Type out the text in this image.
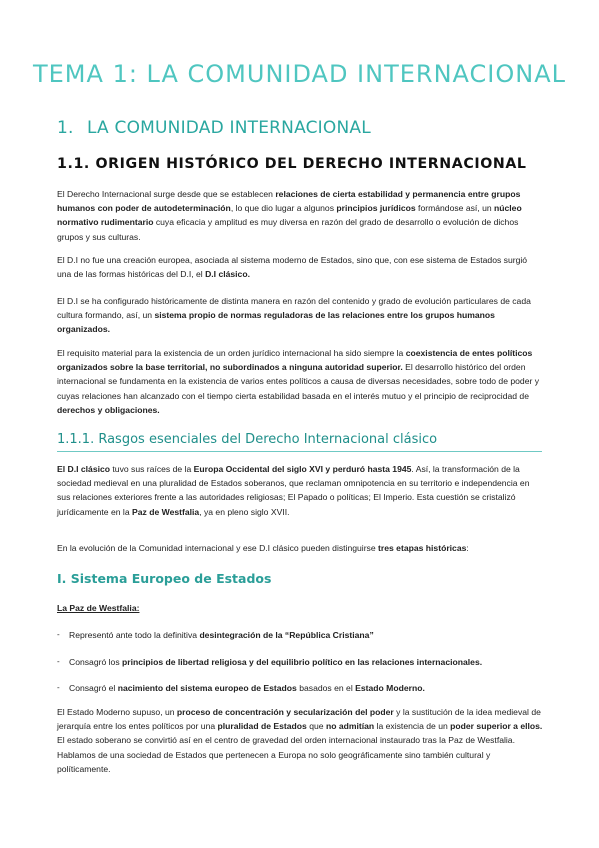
TEMA 1: LA COMUNIDAD INTERNACIONAL
1. LA COMUNIDAD INTERNACIONAL
1.1. ORIGEN HISTÓRICO DEL DERECHO INTERNACIONAL

El Derecho Internacional surge desde que se establecen relaciones de cierta estabilidad y permanencia entre grupos humanos con poder de autodeterminación, lo que dio lugar a algunos principios jurídicos formándose así, un núcleo normativo rudimentario cuya eficacia y amplitud es muy diversa en razón del grado de desarrollo o evolución de dichos grupos y sus culturas.

El D.I no fue una creación europea, asociada al sistema moderno de Estados, sino que, con ese sistema de Estados surgió una de las formas históricas del D.I, el D.I clásico.

El D.I se ha configurado históricamente de distinta manera en razón del contenido y grado de evolución particulares de cada cultura formando, así, un sistema propio de normas reguladoras de las relaciones entre los grupos humanos organizados.

El requisito material para la existencia de un orden jurídico internacional ha sido siempre la coexistencia de entes políticos organizados sobre la base territorial, no subordinados a ninguna autoridad superior. El desarrollo histórico del orden internacional se fundamenta en la existencia de varios entes políticos a causa de diversas necesidades, sobre todo de poder y cuyas relaciones han alcanzado con el tiempo cierta estabilidad basada en el interés mutuo y el principio de reciprocidad de derechos y obligaciones.

1.1.1. Rasgos esenciales del Derecho Internacional clásico

El D.I clásico tuvo sus raíces de la Europa Occidental del siglo XVI y perduró hasta 1945. Así, la transformación de la sociedad medieval en una pluralidad de Estados soberanos, que reclaman omnipotencia en su territorio e independencia en sus relaciones exteriores frente a las autoridades religiosas; El Papado o políticas; El Imperio. Esta cuestión se cristalizó jurídicamente en la Paz de Westfalia, ya en pleno siglo XVII.

En la evolución de la Comunidad internacional y ese D.I clásico pueden distinguirse tres etapas históricas:

I. Sistema Europeo de Estados

La Paz de Westfalia:

- Representó ante todo la definitiva desintegración de la “República Cristiana”
- Consagró los principios de libertad religiosa y del equilibrio político en las relaciones internacionales.
- Consagró el nacimiento del sistema europeo de Estados basados en el Estado Moderno.

El Estado Moderno supuso, un proceso de concentración y secularización del poder y la sustitución de la idea medieval de jerarquía entre los entes políticos por una pluralidad de Estados que no admitían la existencia de un poder superior a ellos. El estado soberano se convirtió así en el centro de gravedad del orden internacional instaurado tras la Paz de Westfalia. Hablamos de una sociedad de Estados que pertenecen a Europa no solo geográficamente sino también cultural y políticamente.
